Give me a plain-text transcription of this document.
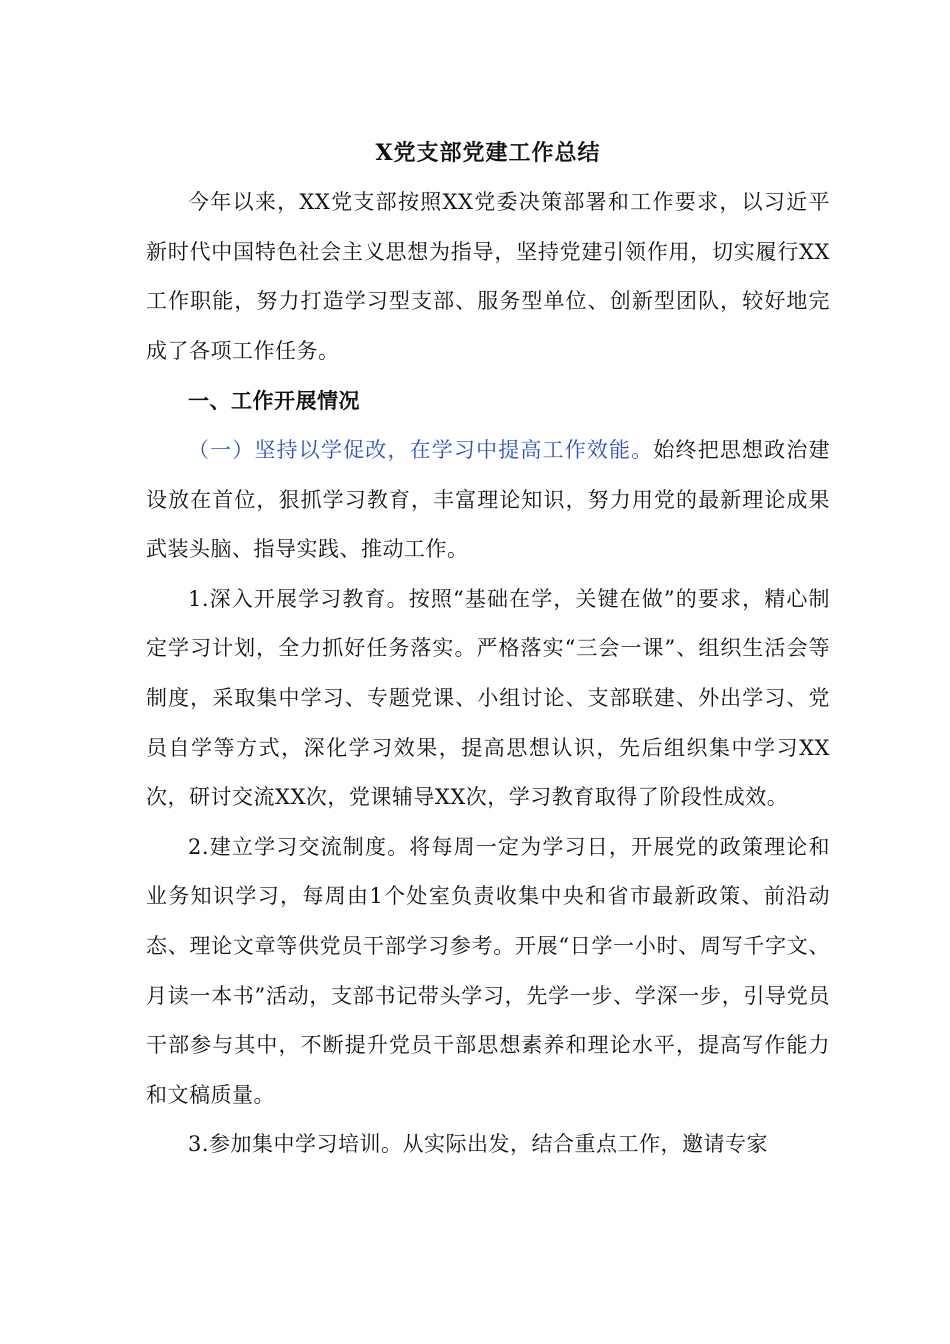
X党支部党建工作总结

今年以来，XX党支部按照XX党委决策部署和工作要求，以习近平新时代中国特色社会主义思想为指导，坚持党建引领作用，切实履行XX工作职能，努力打造学习型支部、服务型单位、创新型团队，较好地完成了各项工作任务。

一、工作开展情况

（一）坚持以学促改，在学习中提高工作效能。始终把思想政治建设放在首位，狠抓学习教育，丰富理论知识，努力用党的最新理论成果武装头脑、指导实践、推动工作。

1.深入开展学习教育。按照“基础在学，关键在做”的要求，精心制定学习计划，全力抓好任务落实。严格落实“三会一课”、组织生活会等制度，采取集中学习、专题党课、小组讨论、支部联建、外出学习、党员自学等方式，深化学习效果，提高思想认识，先后组织集中学习XX次，研讨交流XX次，党课辅导XX次，学习教育取得了阶段性成效。

2.建立学习交流制度。将每周一定为学习日，开展党的政策理论和业务知识学习，每周由1个处室负责收集中央和省市最新政策、前沿动态、理论文章等供党员干部学习参考。开展“日学一小时、周写千字文、月读一本书”活动，支部书记带头学习，先学一步、学深一步，引导党员干部参与其中，不断提升党员干部思想素养和理论水平，提高写作能力和文稿质量。

3.参加集中学习培训。从实际出发，结合重点工作，邀请专家
